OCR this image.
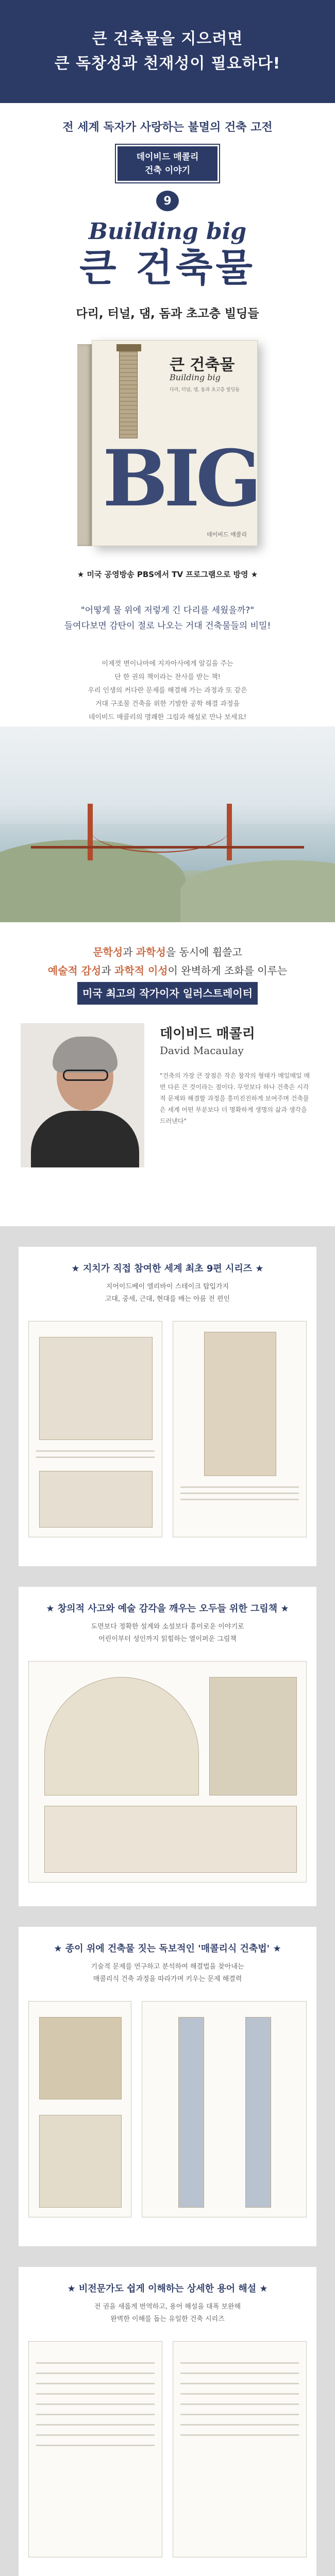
큰 건축물을 지으려면
큰 독창성과 천재성이 필요하다!
전 세계 독자가 사랑하는 불멸의 건축 고전
데이비드 매콜리
건축 이야기
9
Building big
큰 건축물
다리, 터널, 댐, 돔과 초고층 빌딩들
큰 건축물
Building big
다리, 터널, 댐, 돔과 초고층 빌딩들
BIG
데이비드 매콜리
★ 미국 공영방송 PBS에서 TV 프로그램으로 방영 ★
"어떻게 물 위에 저렇게 긴 다리를 세웠을까?"
들여다보면 감탄이 절로 나오는 거대 건축물들의 비밀!
이제껏 변이나마에 지자아사에게 알길을 주는
단 한 권의 책이라는 찬사를 받는 책!
우리 인생의 커다란 문제를 해결해 가는 과정과 또 같은
거대 구조물 건축을 위한 기발한 공학 해결 과정을
데이비드 매콜리의 명쾌한 그림과 해설로 만나 보세요!
문학성과 과학성을 동시에 휩쓸고
예술적 감성과 과학적 이성이 완벽하게 조화를 이루는
미국 최고의 작가이자 일러스트레이터
데이비드 매콜리
David Macaulay
"건축의 가장 큰 장점은 작은 창작의 형태가 매일매일 매번 다른 큰 것이라는 점이다. 무엇보다 하나 건축은 시각적 문제와 해결할 과정을 흥미진진하게 보여주며 건축물은 세계 어떤 부분보다 더 명확하게 생명의 삶과 생각을 드러낸다"
★ 지치가 직접 참여한 세계 최초 9편 시리즈 ★
지어이드베이 엘리바이 스테이크 탑입가지
고대, 중세, 근대, 현대를 배는 아름 전 편인
★ 창의적 사고와 예술 감각을 깨우는 오두들 위한 그림책 ★
도면보다 정확한 설계와 소설보다 흥미로운 이야기로
어린이부터 성인까지 읽힘하는 열이퍼운 그림책
★ 종이 위에 건축물 짓는 독보적인 '매콜리식 건축법' ★
기술적 문제를 연구하고 분석하여 해결법을 찾아내는
매콜리식 건축 과정을 따라가며 키우는 문제 해결력
★ 비전문가도 쉽게 이해하는 상세한 용어 해설 ★
전 권을 새롭게 번역하고, 용어 해설을 대폭 보완해
완벽한 이해를 돕는 유일한 건축 시리즈
